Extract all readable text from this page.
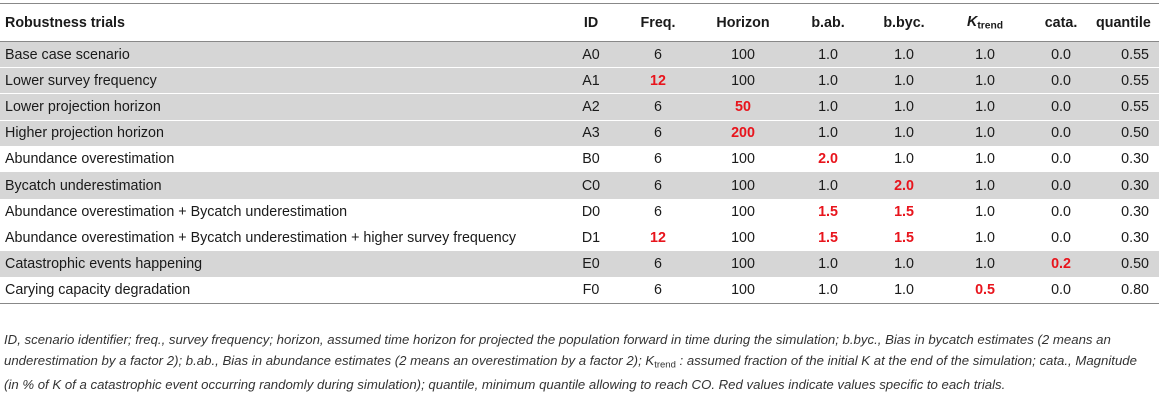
Robustness trials	ID	Freq.	Horizon	b.ab.	b.byc.	$K_{trend}$	cata.	quantile
Base case scenario	A0	6	100	1.0	1.0	1.0	0.0	0.55
Lower survey frequency	A1	12	100	1.0	1.0	1.0	0.0	0.55
Lower projection horizon	A2	6	50	1.0	1.0	1.0	0.0	0.55
Higher projection horizon	A3	6	200	1.0	1.0	1.0	0.0	0.50
Abundance overestimation	B0	6	100	2.0	1.0	1.0	0.0	0.30
Bycatch underestimation	C0	6	100	1.0	2.0	1.0	0.0	0.30
Abundance overestimation + Bycatch underestimation	D0	6	100	1.5	1.5	1.0	0.0	0.30
Abundance overestimation + Bycatch underestimation + higher survey frequency	D1	12	100	1.5	1.5	1.0	0.0	0.30
Catastrophic events happening	E0	6	100	1.0	1.0	1.0	0.2	0.50
Carying capacity degradation	F0	6	100	1.0	1.0	0.5	0.0	0.80
ID, scenario identifier; freq., survey frequency; horizon, assumed time horizon for projected the population forward in time during the simulation; b.byc., Bias in bycatch estimates (2 means an underestimation by a factor 2); b.ab., Bias in abundance estimates (2 means an overestimation by a factor 2); $K_{trend}$ : assumed fraction of the initial K at the end of the simulation; cata., Magnitude (in % of K of a catastrophic event occurring randomly during simulation); quantile, minimum quantile allowing to reach CO. Red values indicate values specific to each trials.
